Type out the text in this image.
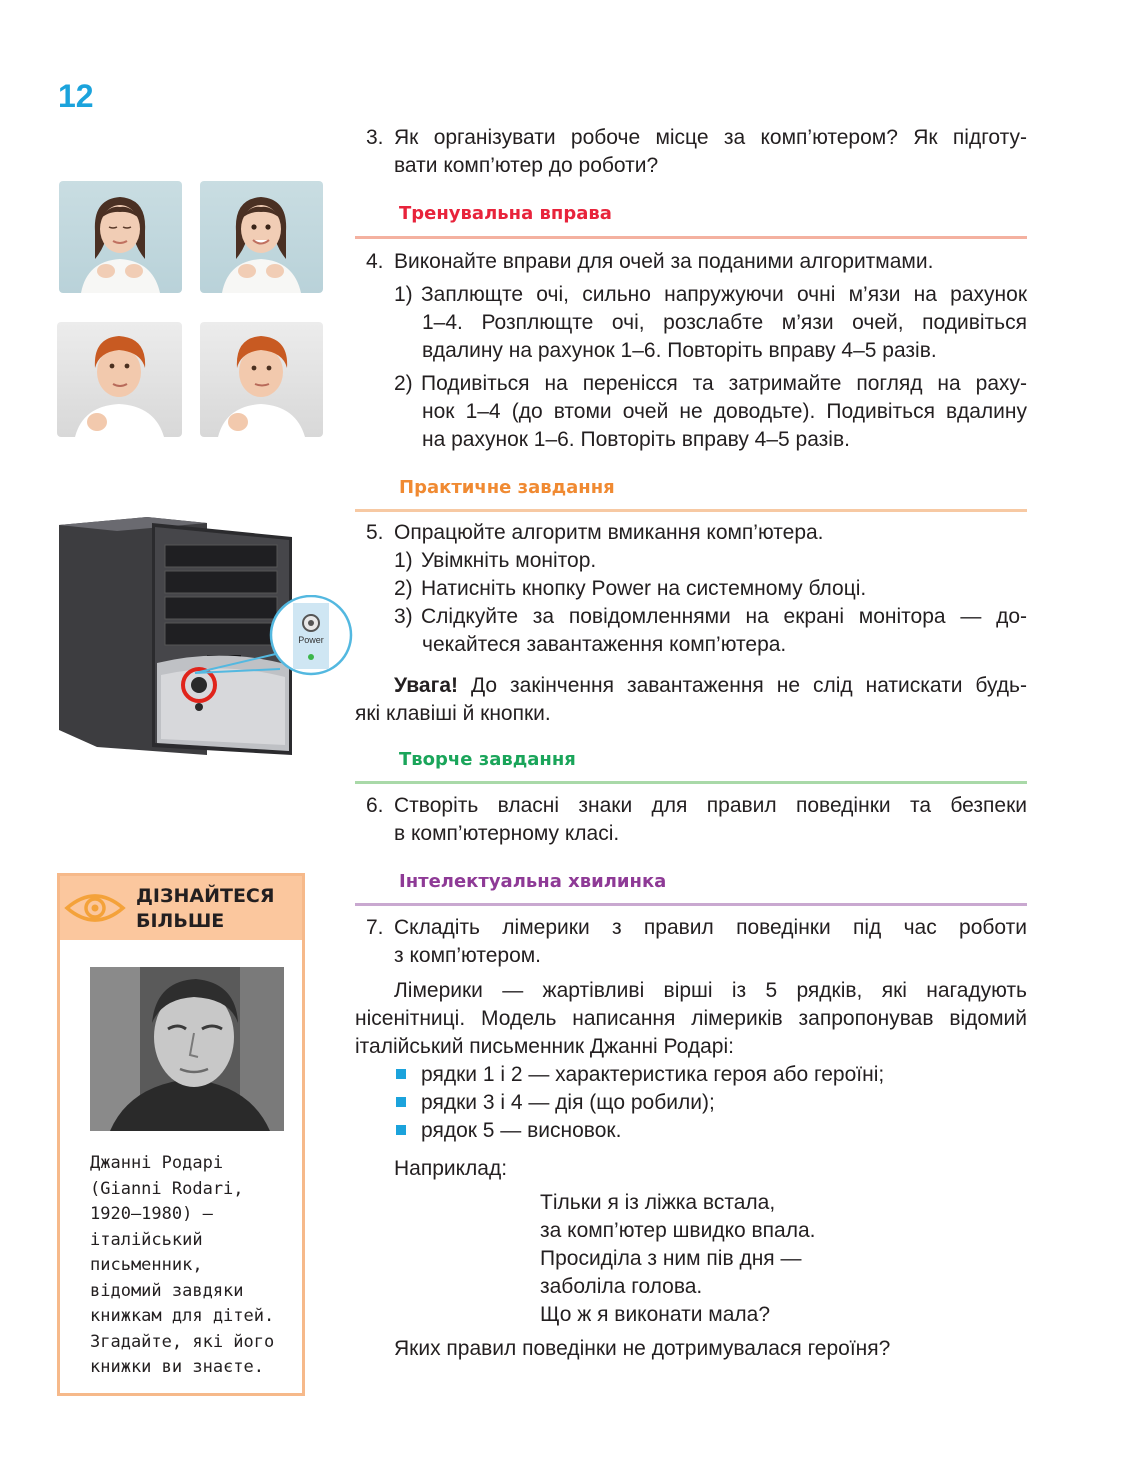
12
Power
3. Як організувати робоче місце за комп’ютером? Як підготу-
вати комп’ютер до роботи?
Тренувальна вправа
4. Виконайте вправи для очей за поданими алгоритмами.
1) Заплющте очі, сильно напружуючи очні м’язи на рахунок
1–4. Розплющте очі, розслабте м’язи очей, подивіться
вдалину на рахунок 1–6. Повторіть вправу 4–5 разів.
2) Подивіться на перенісся та затримайте погляд на раху-
нок 1–4 (до втоми очей не доводьте). Подивіться вдалину
на рахунок 1–6. Повторіть вправу 4–5 разів.
Практичне завдання
5. Опрацюйте алгоритм вмикання комп’ютера.
1) Увімкніть монітор.
2) Натисніть кнопку Power на системному блоці.
3) Слідкуйте за повідомленнями на екрані монітора — до-
чекайтеся завантаження комп’ютера.
Увага! До закінчення завантаження не слід натискати будь-
які клавіші й кнопки.
Творче завдання
6. Створіть власні знаки для правил поведінки та безпеки
в комп’ютерному класі.
Інтелектуальна хвилинка
7. Складіть лімерики з правил поведінки під час роботи
з комп’ютером.
Лімерики — жартівливі вірші із 5 рядків, які нагадують
нісенітниці. Модель написання лімериків запропонував відомий
італійський письменник Джанні Родарі:
рядки 1 і 2 — характеристика героя або героїні;
рядки 3 і 4 — дія (що робили);
рядок 5 — висновок.
Наприклад:
Тільки я із ліжка встала,
за комп’ютер швидко впала.
Просиділа з ним пів дня —
заболіла голова.
Що ж я виконати мала?
Яких правил поведінки не дотримувалася героїня?
ДІЗНАЙТЕСЯ
БІЛЬШЕ
Джанні Родарі
(Gianni Rodari,
1920–1980) —
італійський
письменник,
відомий завдяки
книжкам для дітей.
Згадайте, які його
книжки ви знаєте.
